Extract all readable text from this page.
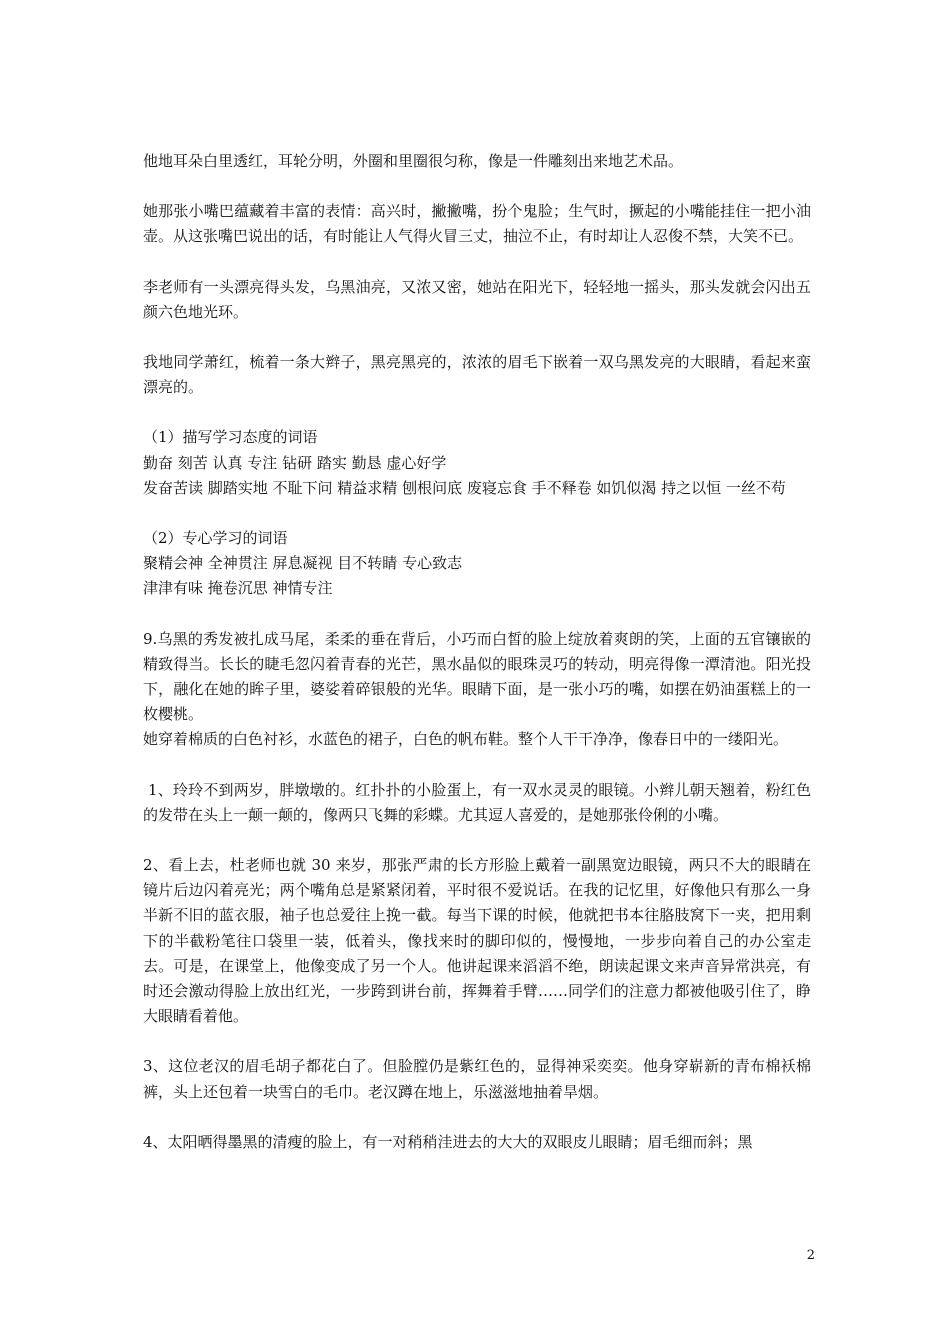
他地耳朵白里透红，耳轮分明，外圈和里圈很匀称，像是一件雕刻出来地艺术品。

她那张小嘴巴蕴藏着丰富的表情：高兴时，撇撇嘴，扮个鬼脸；生气时，撅起的小嘴能挂住一把小油壶。从这张嘴巴说出的话，有时能让人气得火冒三丈，抽泣不止，有时却让人忍俊不禁，大笑不已。

李老师有一头漂亮得头发，乌黑油亮，又浓又密，她站在阳光下，轻轻地一摇头，那头发就会闪出五颜六色地光环。

我地同学萧红，梳着一条大辫子，黑亮黑亮的，浓浓的眉毛下嵌着一双乌黑发亮的大眼睛，看起来蛮漂亮的。

（1）描写学习态度的词语

勤奋 刻苦 认真 专注 钻研 踏实 勤恳 虚心好学

发奋苦读 脚踏实地 不耻下问 精益求精 刨根问底 废寝忘食 手不释卷 如饥似渴 持之以恒 一丝不苟

（2）专心学习的词语

聚精会神 全神贯注 屏息凝视 目不转睛 专心致志

津津有味 掩卷沉思 神情专注

9.乌黑的秀发被扎成马尾，柔柔的垂在背后，小巧而白皙的脸上绽放着爽朗的笑，上面的五官镶嵌的精致得当。长长的睫毛忽闪着青春的光芒，黑水晶似的眼珠灵巧的转动，明亮得像一潭清池。阳光投下，融化在她的眸子里，婆娑着碎银般的光华。眼睛下面，是一张小巧的嘴，如摆在奶油蛋糕上的一枚樱桃。

她穿着棉质的白色衬衫，水蓝色的裙子，白色的帆布鞋。整个人干干净净，像春日中的一缕阳光。

1、玲玲不到两岁，胖墩墩的。红扑扑的小脸蛋上，有一双水灵灵的眼镜。小辫儿朝天翘着，粉红色的发带在头上一颠一颠的，像两只飞舞的彩蝶。尤其逗人喜爱的，是她那张伶俐的小嘴。

2、看上去，杜老师也就 30 来岁，那张严肃的长方形脸上戴着一副黑宽边眼镜，两只不大的眼睛在镜片后边闪着亮光；两个嘴角总是紧紧闭着，平时很不爱说话。在我的记忆里，好像他只有那么一身半新不旧的蓝衣服，袖子也总爱往上挽一截。每当下课的时候，他就把书本往胳肢窝下一夹，把用剩下的半截粉笔往口袋里一装，低着头，像找来时的脚印似的，慢慢地，一步步向着自己的办公室走去。可是，在课堂上，他像变成了另一个人。他讲起课来滔滔不绝，朗读起课文来声音异常洪亮，有时还会激动得脸上放出红光，一步跨到讲台前，挥舞着手臂……同学们的注意力都被他吸引住了，睁大眼睛看着他。

3、这位老汉的眉毛胡子都花白了。但脸膛仍是紫红色的，显得神采奕奕。他身穿崭新的青布棉袄棉裤，头上还包着一块雪白的毛巾。老汉蹲在地上，乐滋滋地抽着旱烟。

4、太阳晒得墨黑的清瘦的脸上，有一对稍稍洼进去的大大的双眼皮儿眼睛；眉毛细而斜；黑

2
